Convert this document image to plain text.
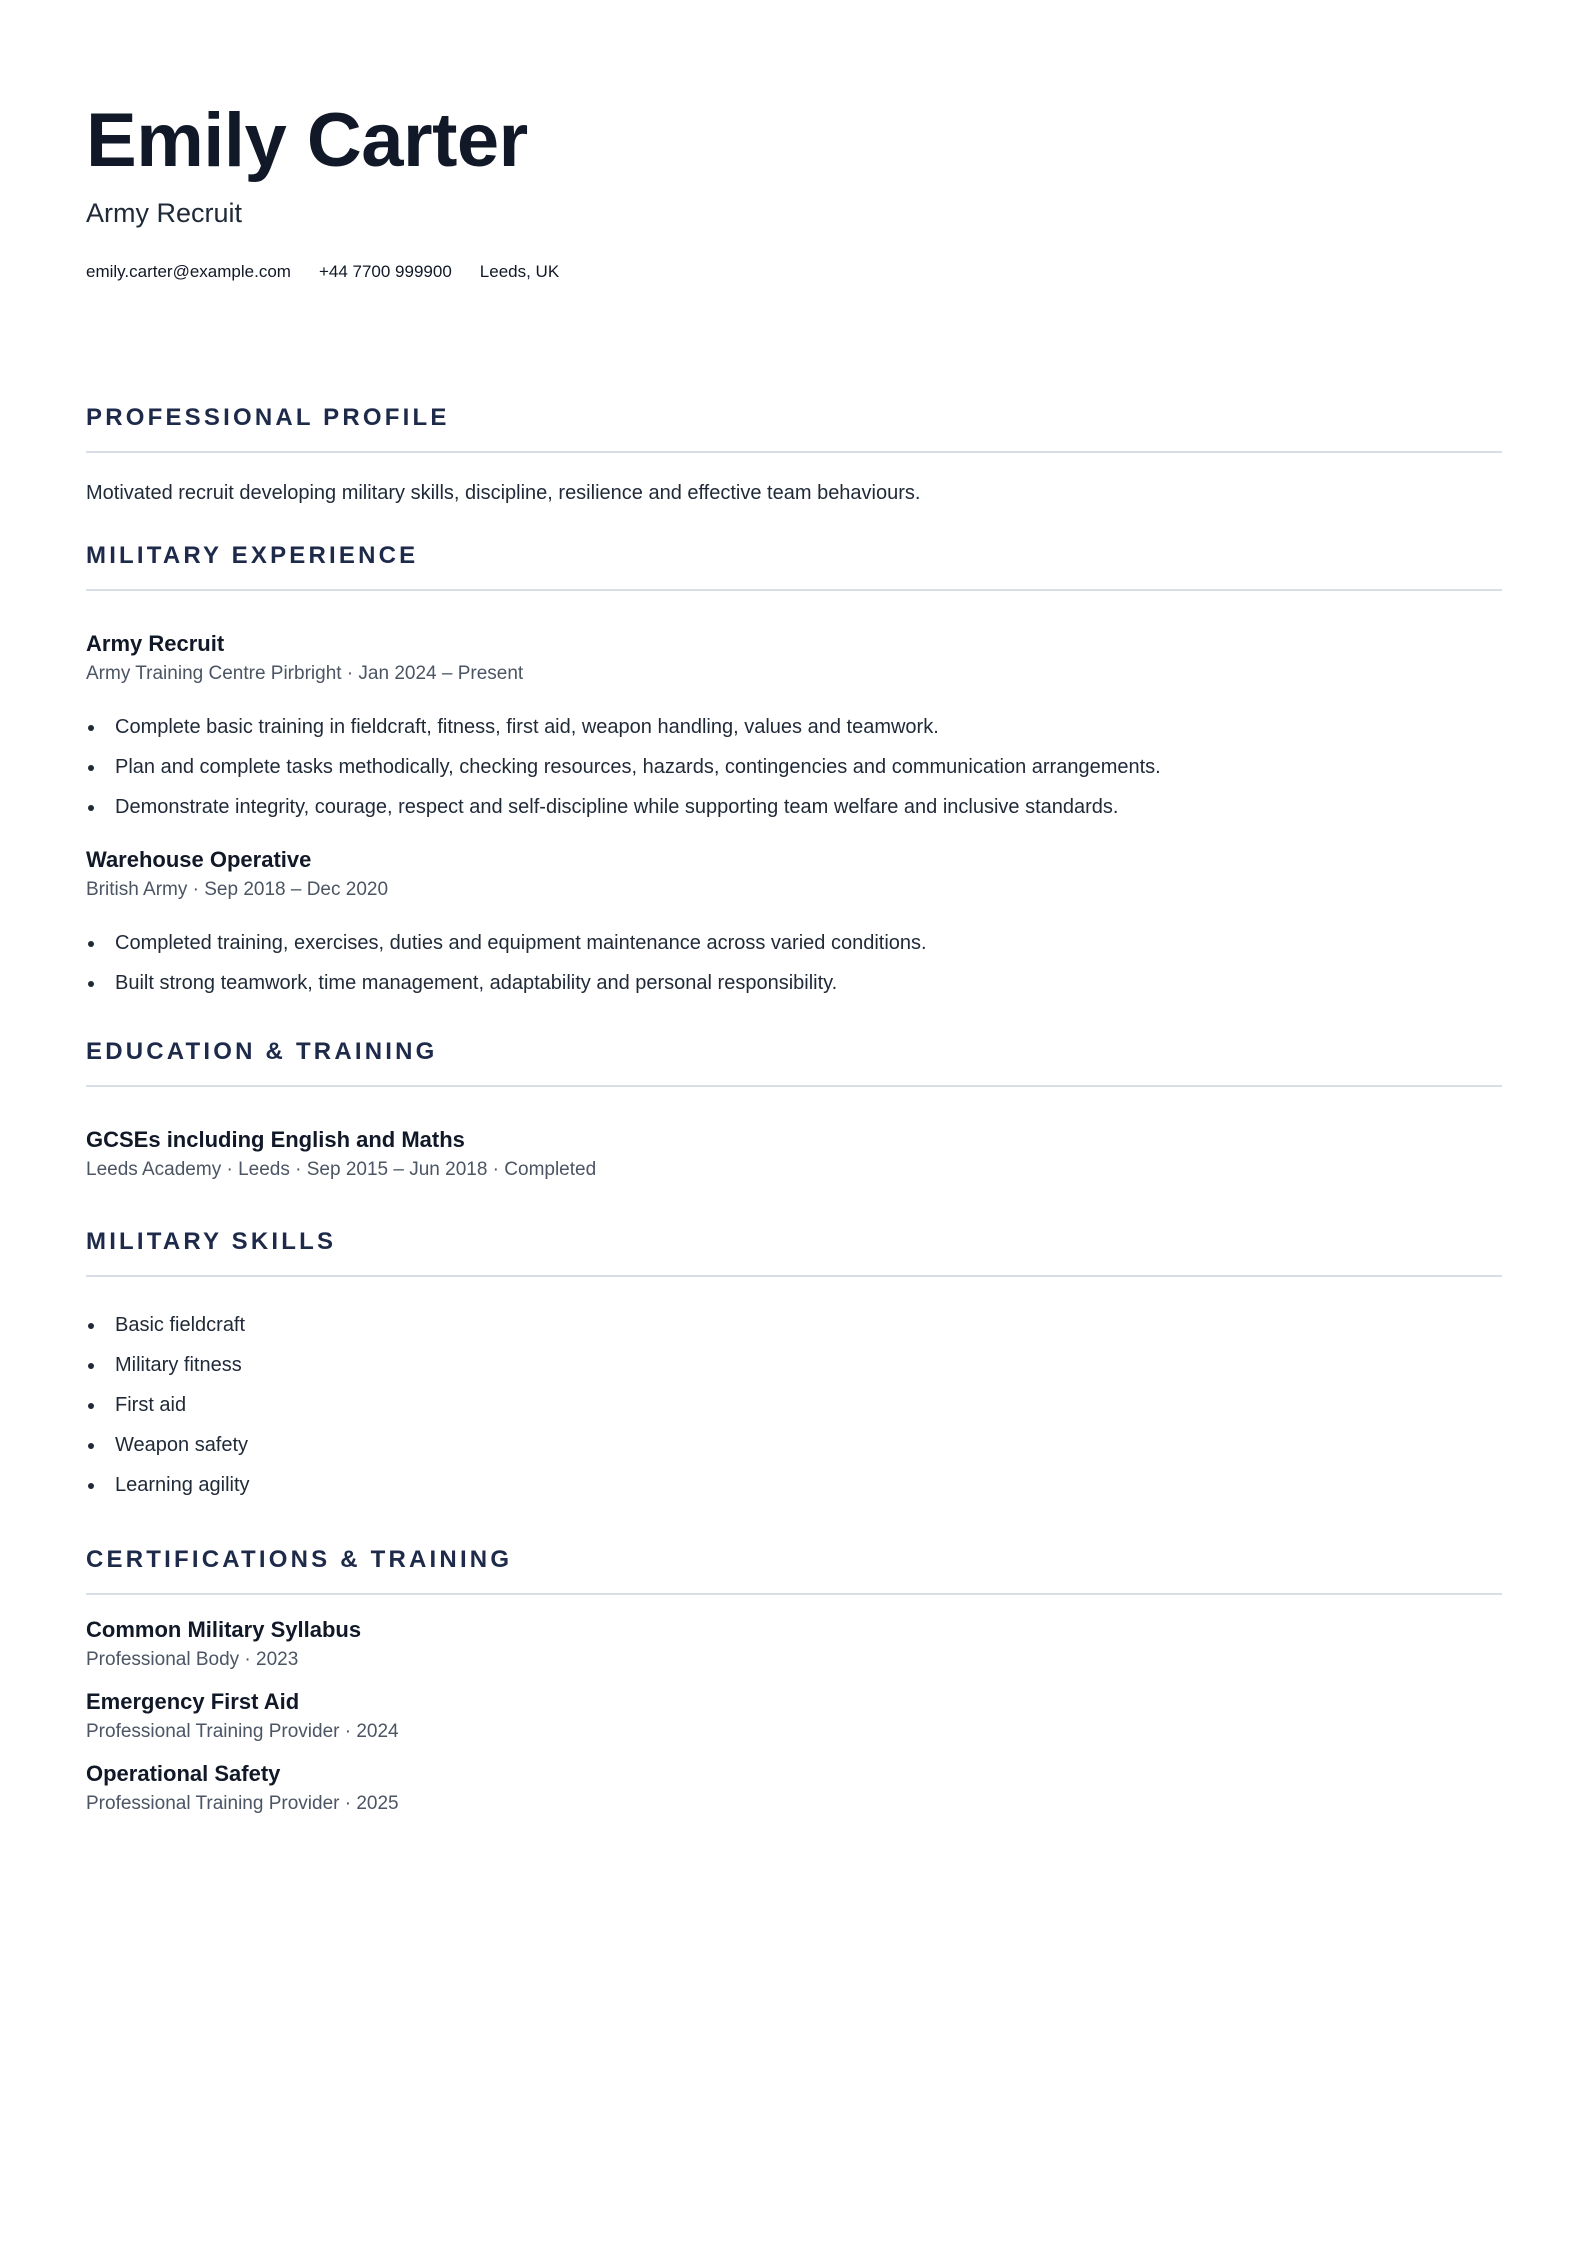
Emily Carter
Army Recruit
emily.carter@example.com +44 7700 999900 Leeds, UK
PROFESSIONAL PROFILE

Motivated recruit developing military skills, discipline, resilience and effective team behaviours.

MILITARY EXPERIENCE
Army Recruit
Army Training Centre Pirbright · Jan 2024 – Present
Complete basic training in fieldcraft, fitness, first aid, weapon handling, values and teamwork.
Plan and complete tasks methodically, checking resources, hazards, contingencies and communication arrangements.
Demonstrate integrity, courage, respect and self-discipline while supporting team welfare and inclusive standards.
Warehouse Operative
British Army · Sep 2018 – Dec 2020
Completed training, exercises, duties and equipment maintenance across varied conditions.
Built strong teamwork, time management, adaptability and personal responsibility.
EDUCATION & TRAINING
GCSEs including English and Maths
Leeds Academy · Leeds · Sep 2015 – Jun 2018 · Completed
MILITARY SKILLS
Basic fieldcraft
Military fitness
First aid
Weapon safety
Learning agility
CERTIFICATIONS & TRAINING
Common Military Syllabus
Professional Body · 2023
Emergency First Aid
Professional Training Provider · 2024
Operational Safety
Professional Training Provider · 2025
